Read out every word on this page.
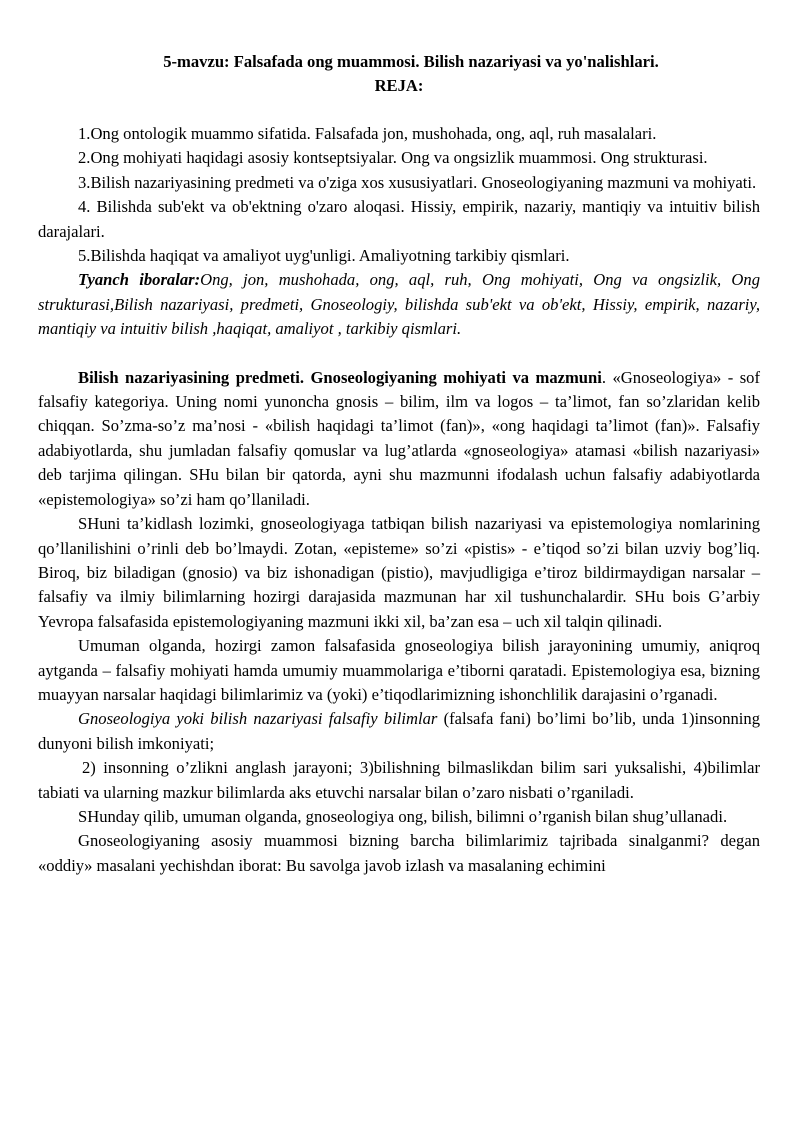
5-mavzu: Falsafada ong muammosi. Bilish nazariyasi va yo'nalishlari.

REJA:

1.Ong ontologik muammo sifatida. Falsafada jon, mushohada, ong, aql, ruh masalalari.

2.Ong mohiyati haqidagi asosiy kontseptsiyalar. Ong va ongsizlik muammosi. Ong strukturasi.

3.Bilish nazariyasining predmeti va o'ziga xos xususiyatlari. Gnoseologiyaning mazmuni va mohiyati.

4. Bilishda sub'ekt va ob'ektning o'zaro aloqasi. Hissiy, empirik, nazariy, mantiqiy va intuitiv bilish darajalari.

5.Bilishda haqiqat va amaliyot uyg'unligi. Amaliyotning tarkibiy qismlari.

Tyanch iboralar:Ong, jon, mushohada, ong, aql, ruh, Ong mohiyati, Ong va ongsizlik, Ong strukturasi,Bilish nazariyasi, predmeti, Gnoseologiy, bilishda sub'ekt va ob'ekt, Hissiy, empirik, nazariy, mantiqiy va intuitiv bilish ,haqiqat, amaliyot , tarkibiy qismlari.

Bilish nazariyasining predmeti. Gnoseologiyaning mohiyati va mazmuni. «Gnoseologiya» - sof falsafiy kategoriya. Uning nomi yunoncha gnosis – bilim, ilm va logos – ta’limot, fan so’zlaridan kelib chiqqan. So’zma-so’z ma’nosi - «bilish haqidagi ta’limot (fan)», «ong haqidagi ta’limot (fan)». Falsafiy adabiyotlarda, shu jumladan falsafiy qomuslar va lug’atlarda «gnoseologiya» atamasi «bilish nazariyasi» deb tarjima qilingan. SHu bilan bir qatorda, ayni shu mazmunni ifodalash uchun falsafiy adabiyotlarda «epistemologiya» so’zi ham qo’llaniladi.

SHuni ta’kidlash lozimki, gnoseologiyaga tatbiqan bilish nazariyasi va epistemologiya nomlarining qo’llanilishini o’rinli deb bo’lmaydi. Zotan, «episteme» so’zi «pistis» - e’tiqod so’zi bilan uzviy bog’liq. Biroq, biz biladigan (gnosio) va biz ishonadigan (pistio), mavjudligiga e’tiroz bildirmaydigan narsalar – falsafiy va ilmiy bilimlarning hozirgi darajasida mazmunan har xil tushunchalardir. SHu bois G’arbiy Yevropa falsafasida epistemologiyaning mazmuni ikki xil, ba’zan esa – uch xil talqin qilinadi.

Umuman olganda, hozirgi zamon falsafasida gnoseologiya bilish jarayonining umumiy, aniqroq aytganda – falsafiy mohiyati hamda umumiy muammolariga e’tiborni qaratadi. Epistemologiya esa, bizning muayyan narsalar haqidagi bilimlarimiz va (yoki) e’tiqodlarimizning ishonchlilik darajasini o’rganadi.

Gnoseologiya yoki bilish nazariyasi falsafiy bilimlar (falsafa fani) bo’limi bo’lib, unda 1)insonning dunyoni bilish imkoniyati;

2) insonning o’zlikni anglash jarayoni; 3)bilishning bilmaslikdan bilim sari yuksalishi, 4)bilimlar tabiati va ularning mazkur bilimlarda aks etuvchi narsalar bilan o’zaro nisbati o’rganiladi.

SHunday qilib, umuman olganda, gnoseologiya ong, bilish, bilimni o’rganish bilan shug’ullanadi.

Gnoseologiyaning asosiy muammosi bizning barcha bilimlarimiz tajribada sinalganmi? degan «oddiy» masalani yechishdan iborat: Bu savolga javob izlash va masalaning echimini
